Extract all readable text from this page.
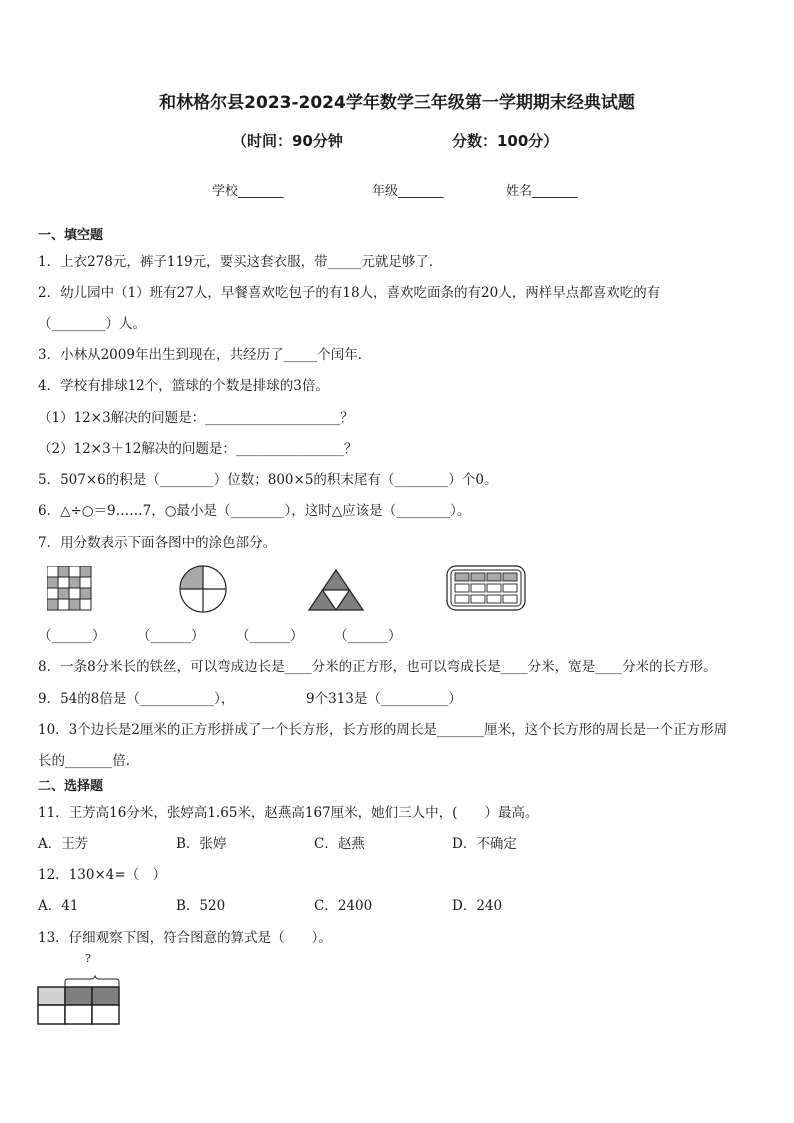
和林格尔县2023-2024学年数学三年级第一学期期末经典试题
（时间：90分钟	分数：100分）
学校_______	年级_______	姓名_______
一、填空题
1．上衣278元，裤子119元，要买这套衣服，带_____元就足够了．
2．幼儿园中（1）班有27人，早餐喜欢吃包子的有18人，喜欢吃面条的有20人，两样早点都喜欢吃的有
（________）人。
3．小林从2009年出生到现在，共经历了_____个闰年．
4．学校有排球12个，篮球的个数是排球的3倍。
（1）12×3解决的问题是：____________________？
（2）12×3＋12解决的问题是：________________？
5．507×6的积是（________）位数；800×5的积末尾有（________）个0。
6．△÷○＝9……7，○最小是（________），这时△应该是（________）。
7．用分数表示下面各图中的涂色部分。
（______） （______） （______） （______）
8．一条8分米长的铁丝，可以弯成边长是____分米的正方形，也可以弯成长是____分米，宽是____分米的长方形。
9．54的8倍是（___________），	9个313是（__________）
10．3个边长是2厘米的正方形拼成了一个长方形，长方形的周长是_______厘米，这个长方形的周长是一个正方形周
长的_______倍.
二、选择题
11．王芳高16分米，张婷高1.65米，赵燕高167厘米，她们三人中，(　　）最高。
A．王芳	B．张婷	C．赵燕	D．不确定
12．130×4=（　）
A．41	B．520	C．2400	D．240
13．仔细观察下图，符合图意的算式是（　　）。
?
